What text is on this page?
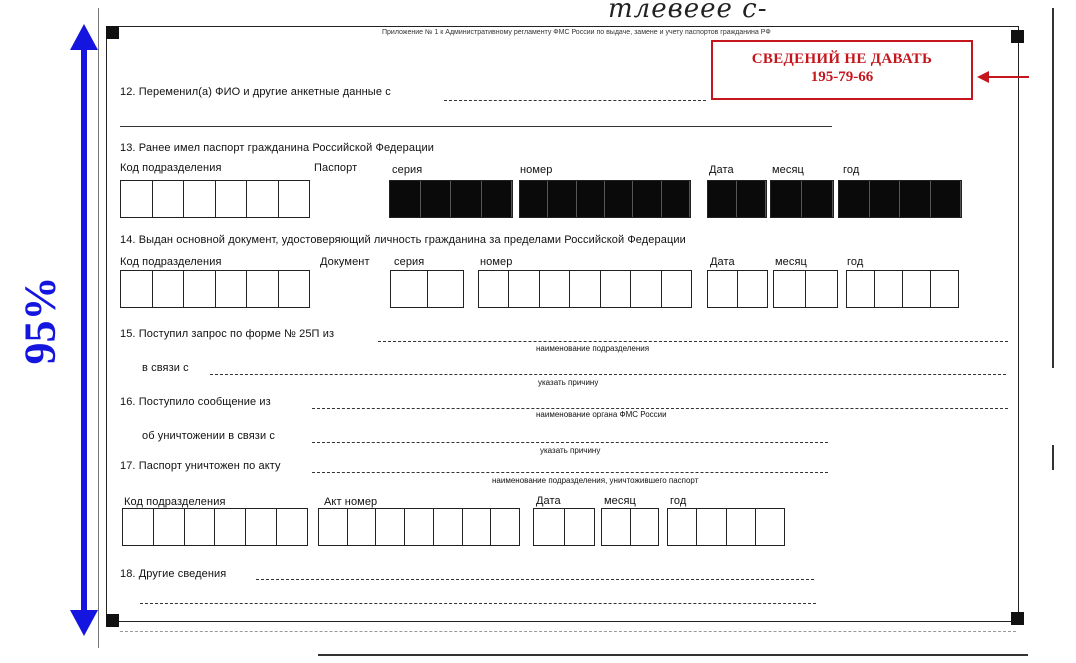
тлевеее с-
Приложение № 1 к Административному регламенту ФМС России по выдаче, замене и учету паспортов гражданина РФ
СВЕДЕНИЙ НЕ ДАВАТЬ
195-79-66
95%
12. Переменил(а) ФИО и другие анкетные данные с
13. Ранее имел паспорт гражданина Российской Федерации
Код подразделения	Паспорт	серия	номер	Дата	месяц	год
14. Выдан основной документ, удостоверяющий личность гражданина за пределами Российской Федерации
Код подразделения	Документ серия	номер	Дата	месяц	год
15. Поступил запрос по форме № 25П из
наименование подразделения
в связи с
указать причину
16. Поступило сообщение из
наименование органа ФМС России
об уничтожении в связи с
указать причину
17. Паспорт уничтожен по акту
наименование подразделения, уничтожившего паспорт
Код подразделения	Акт номер	Дата	месяц	год
18. Другие сведения
